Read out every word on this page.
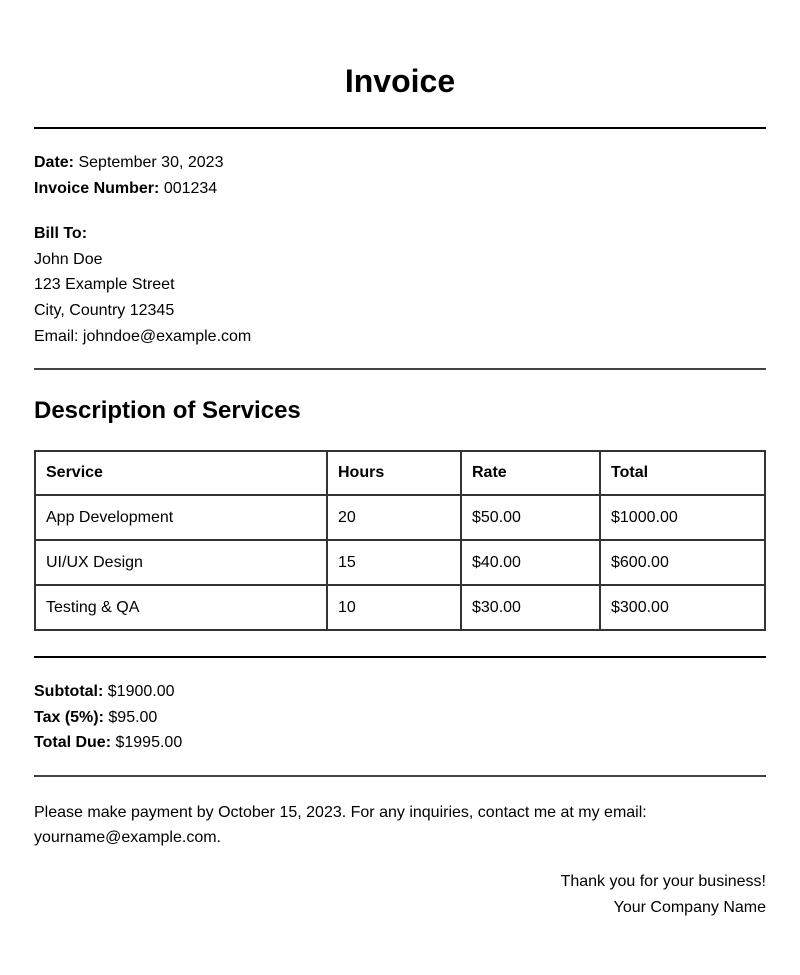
Invoice
Date: September 30, 2023
Invoice Number: 001234
Bill To:
John Doe
123 Example Street
City, Country 12345
Email: johndoe@example.com
Description of Services
Service	Hours	Rate	Total
App Development	20	$50.00	$1000.00
UI/UX Design	15	$40.00	$600.00
Testing & QA	10	$30.00	$300.00
Subtotal: $1900.00
Tax (5%): $95.00
Total Due: $1995.00
Please make payment by October 15, 2023. For any inquiries, contact me at my email: yourname@example.com.
Thank you for your business!
Your Company Name
